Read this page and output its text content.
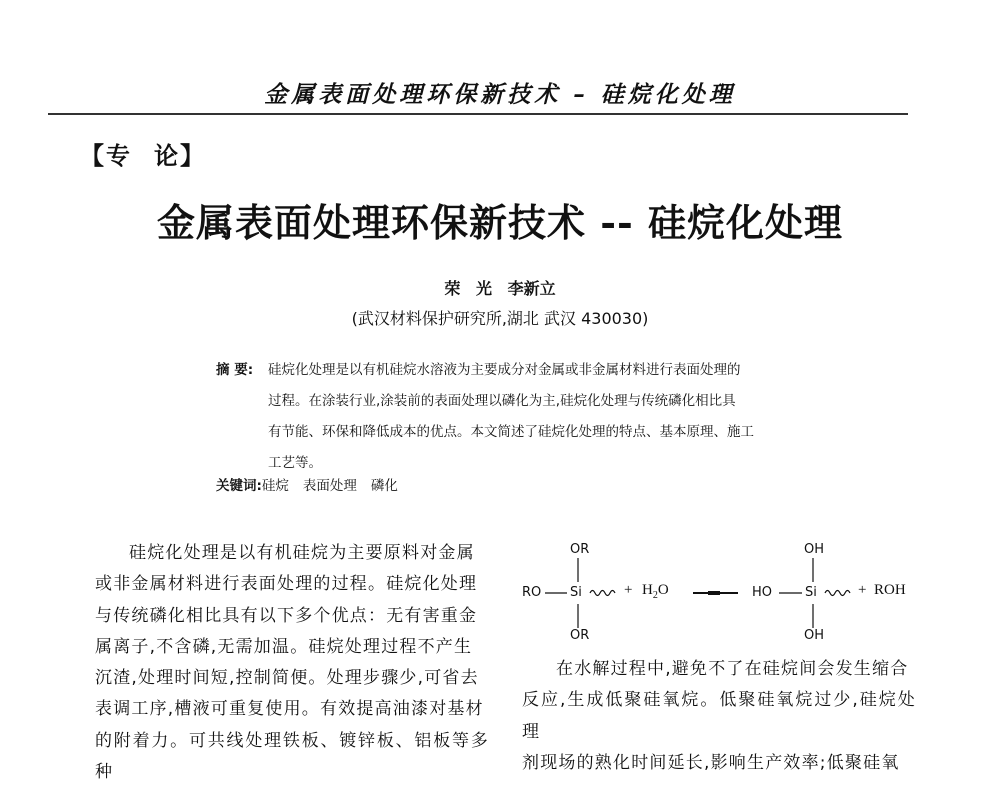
金属表面处理环保新技术 – 硅烷化处理
【专 论】
金属表面处理环保新技术 -- 硅烷化处理
荣 光 李新立
(武汉材料保护研究所,湖北 武汉 430030)
摘 要: 硅烷化处理是以有机硅烷水溶液为主要成分对金属或非金属材料进行表面处理的
过程。在涂装行业,涂装前的表面处理以磷化为主,硅烷化处理与传统磷化相比具
有节能、环保和降低成本的优点。本文简述了硅烷化处理的特点、基本原理、施工
工艺等。
关键词:硅烷 表面处理 磷化

硅烷化处理是以有机硅烷为主要原料对金属

或非金属材料进行表面处理的过程。硅烷化处理

与传统磷化相比具有以下多个优点：无有害重金

属离子,不含磷,无需加温。硅烷处理过程不产生

沉渣,处理时间短,控制简便。处理步骤少,可省去

表调工序,槽液可重复使用。有效提高油漆对基材

的附着力。可共线处理铁板、镀锌板、铝板等多种

OR
RO Si
OR
+ $H_2O$
OH
HO	Si
OH
+ ROH

在水解过程中,避免不了在硅烷间会发生缩合

反应,生成低聚硅氧烷。低聚硅氧烷过少,硅烷处理

剂现场的熟化时间延长,影响生产效率;低聚硅氧
